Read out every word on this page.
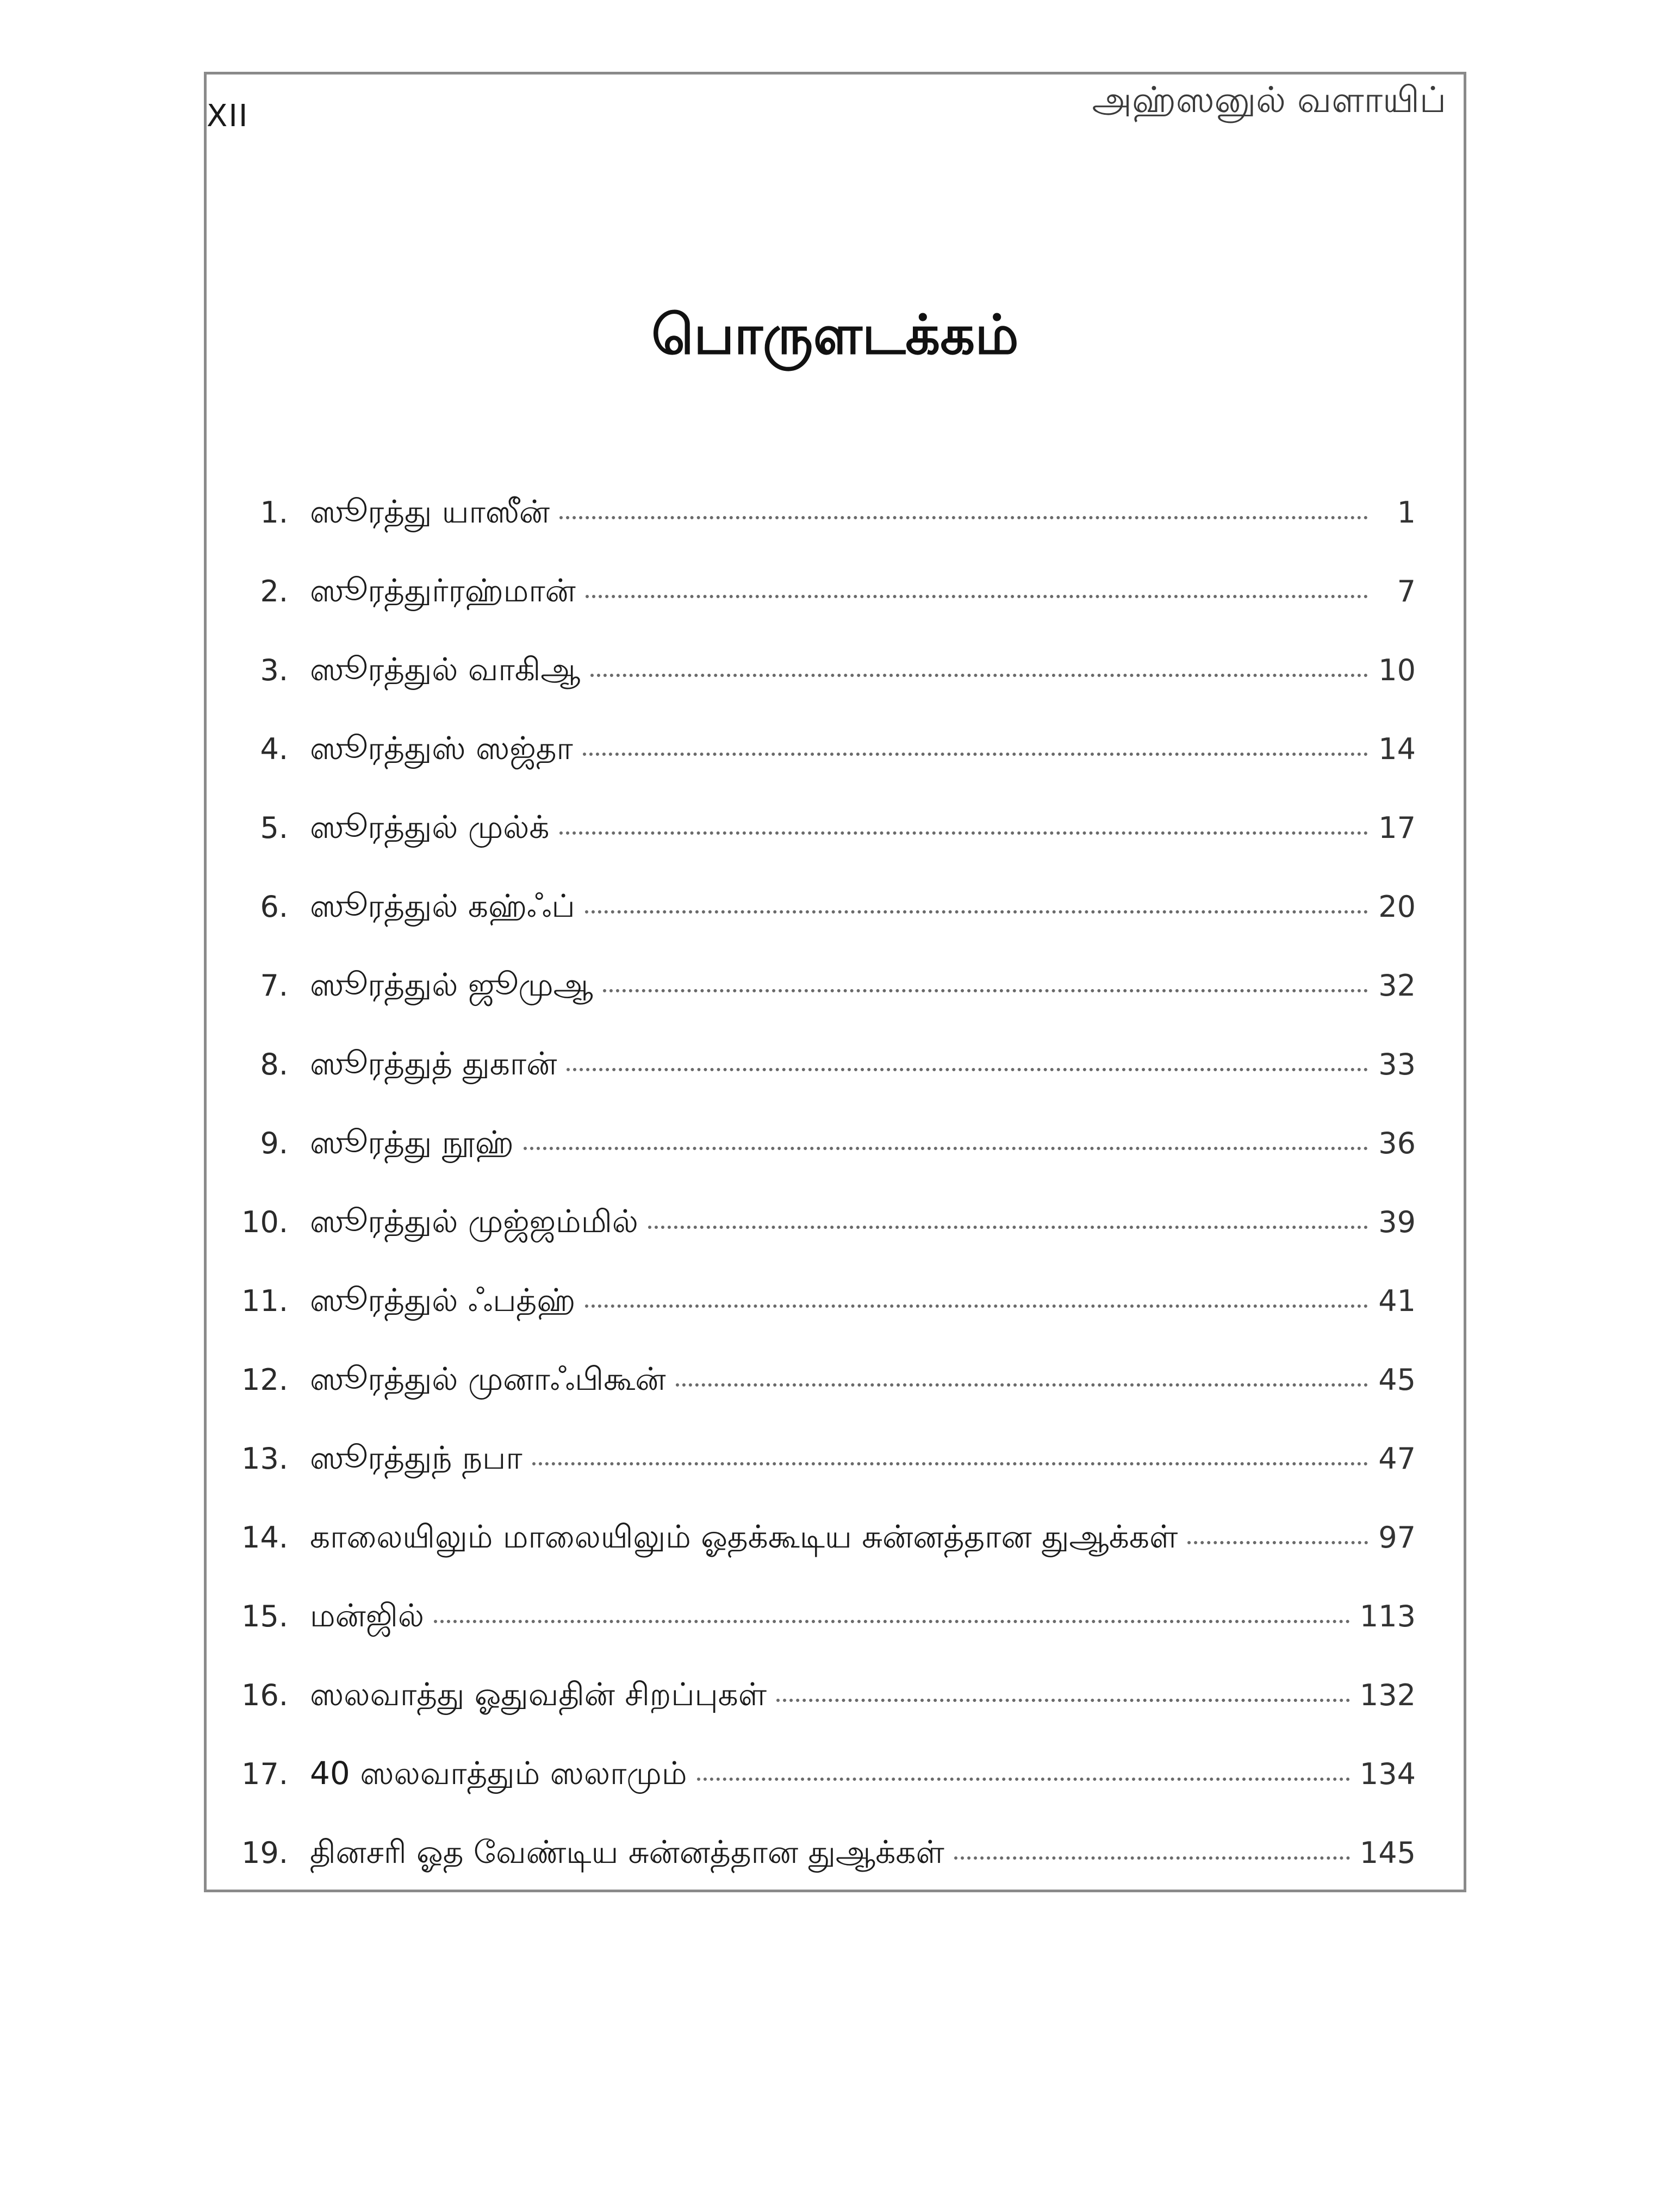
XII	அஹ்ஸனுல் வளாயிப்
பொருளடக்கம்
1. ஸூரத்து யாஸீன்	1
2. ஸூரத்துர்ரஹ்மான்	7
3. ஸூரத்துல் வாகிஆ	10
4. ஸூரத்துஸ் ஸஜ்தா	14
5. ஸூரத்துல் முல்க்	17
6. ஸூரத்துல் கஹ்ஃப்	20
7. ஸூரத்துல் ஜூமுஆ	32
8. ஸூரத்துத் துகான்	33
9. ஸூரத்து நூஹ்	36
10. ஸூரத்துல் முஜ்ஜம்மில்	39
11. ஸூரத்துல் ஃபத்ஹ்	41
12. ஸூரத்துல் முனாஃபிகூன்	45
13. ஸூரத்துந் நபா	47
14. காலையிலும் மாலையிலும் ஓதக்கூடிய சுன்னத்தான துஆக்கள்	97
15. மன்ஜில்	113
16. ஸலவாத்து ஓதுவதின் சிறப்புகள்	132
17. 40 ஸலவாத்தும் ஸலாமும்	134
19. தினசரி ஓத வேண்டிய சுன்னத்தான துஆக்கள்	145
